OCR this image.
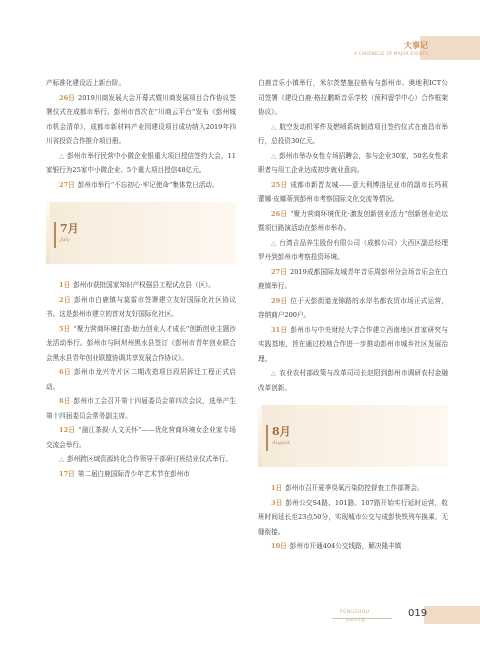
大事记
A CHRONICLE OF MAJOR EVENTS

产标准化建设迈上新台阶。

26日 2019川商发展大会开幕式暨川商发展项目合作协议签署仪式在成都市举行。彭州市首次在“川商云平台”发布《彭州城市机会清单》，成都市新材料产业园建设项目成功纳入2019年四川省投资合作推介项目册。

△ 彭州市举行民营中小微企业银重大项目授信签约大会，11家银行为25家中小微企业、5个重大项目授信48亿元。

27日 彭州市举行“不忘初心·牢记使命”集体党日活动。

7月
July

1日 彭州市获批国家知识产权强县工程试点县（区）。

2日 彭州市白鹿镇与莫雷市签署建立友好国际化社区协议书。这是彭州市建立的首对友好国际化社区。

5日 “聚力营商环境打造·助力创业人才成长”创新创业主题沙龙活动举行。彭州市与阿坝州黑水县签订《彭州市青年创业联合会黑水县青年创业联盟协调共享发展合作协议》。

6日 彭州市龙兴寺片区二期改造项目段居拆迁工程正式启动。

8日 彭州市工会召开第十四届委员会第四次会议，选举产生第十四届委员会常务副主席。

12日 “湔江茶叙·人文关怀”——优化营商环境女企业家专场交流会举行。

△ 彭州跨区域资源转化合作领导干部研讨班结业仪式举行。

17日 第二届白鹿国际青少年艺术节在彭州市

白鹿音乐小镇举行，米尔茨楚施拉格布与彭州市、奥地利ICT公司签署《建设白鹿·格拉鹏斯音乐学校（预科留学中心）合作框架协议》。

△ 航空发动机零件及燃喷系统制造项目签约仪式在南昌市举行，总投资30亿元。

△ 彭州市举办女性专场招聘会，参与企业30家，50名女性求职者与用工企业达成初步就业意向。

25日 成都市新晋友城——意大利博洛尼亚市的副市长玛莉蕾娜·皮娜蒂到彭州市考察国际文化交流等情况。

26日 “聚力营商环境优化·激发创新创业活力”创新创业论坛暨项目路演活动在彭州市举办。

△ 台湾吉品养生股份有限公司（成都公司）大西区副总经理罗丹到彭州市考察投资环境。

27日 2019成都国际友城青年音乐周彭州分会场音乐会在白鹿镇举行。

29日 位于天彭街道龙锦路的水岸名都农贸市场正式运营，容纳商户200户。

31日 彭州市与中央财经大学合作建立西南地区首家研究与实践基地，旨在通过校地合作进一步推动彭州市城乡社区发展治理。

△ 农业农村部政策与改革司司长赵阳到彭州市调研农村金融改革创新。

8月
August

1日 彭州市召开夏季臭氧污染防控督查工作部署会。

3日 彭州公交S4路、101路、107路开始实行延时运营，收班时间延长至23点50分，实现城市公交与成彭快铁列车换乘、无缝衔接。

10日 彭州市开通404公交线路，解决隆丰镇

PENGZHOU
彭州市年鉴
019
